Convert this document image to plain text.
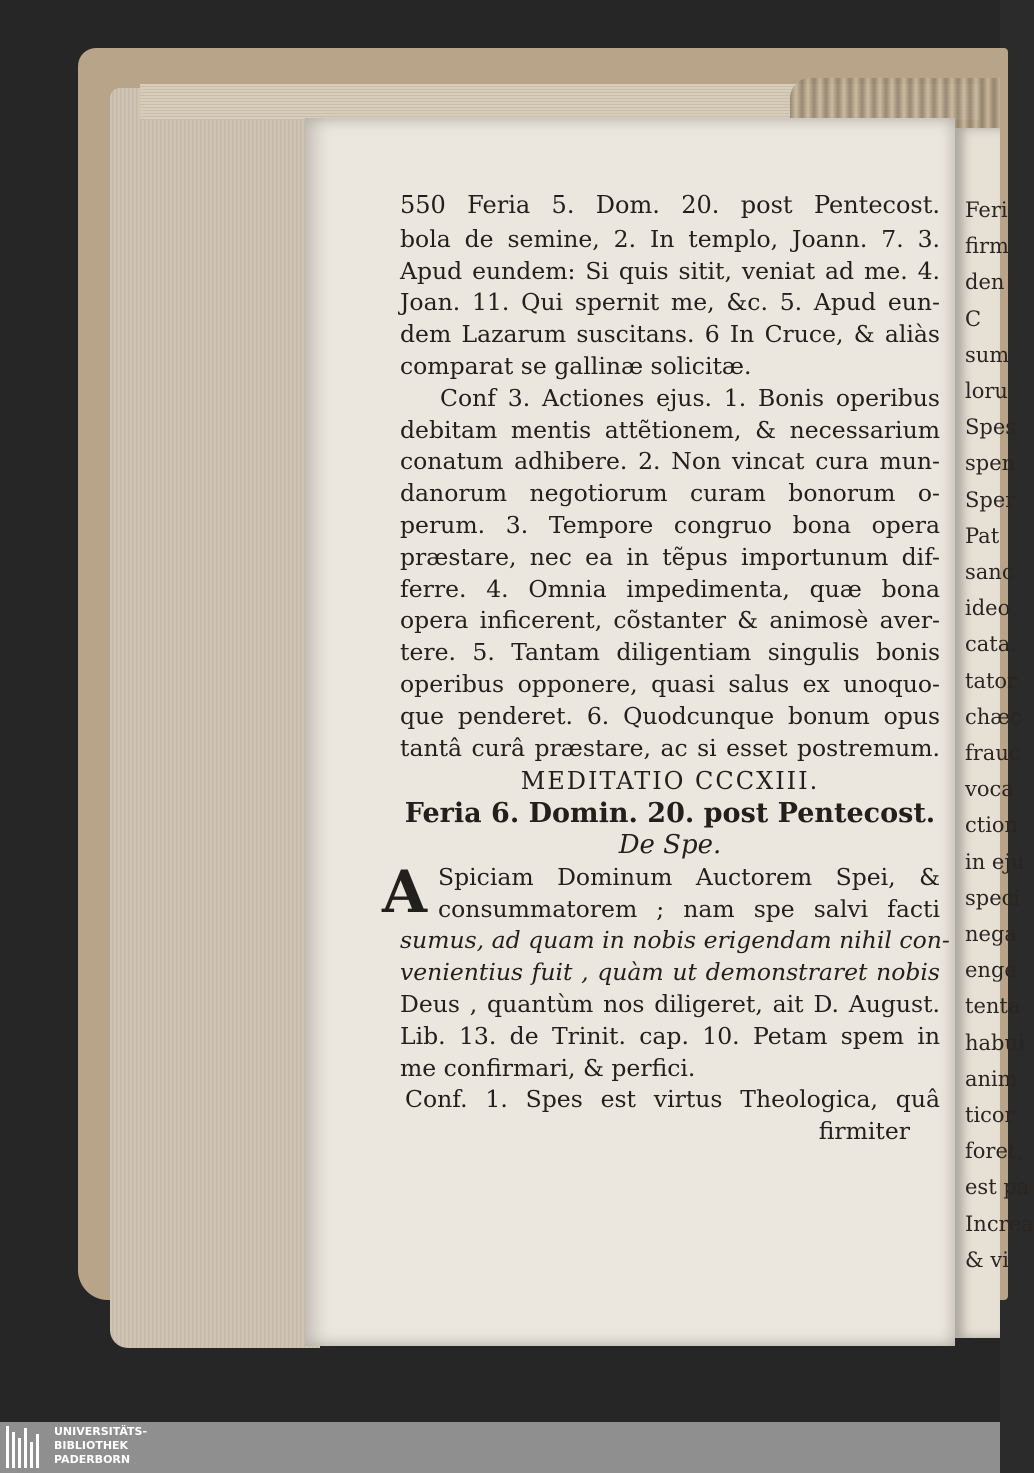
Feri
firm
den
C
sum
loru
Spes
spen
Sper
Pat
sanc
ideo
cata.
tator
chæc
frauc
voca
ction
in eju
speci
nega
enge
tenta
habui
anim
ticor
foret,
est pa
Increa
& vi
550 Feria 5. Dom. 20. post Pentecost.
bola de semine, 2. In templo, Joann. 7. 3.
Apud eundem: Si quis sitit, veniat ad me. 4.
Joan. 11. Qui spernit me, &c. 5. Apud eun-
dem Lazarum suscitans. 6 In Cruce, & aliàs
comparat se gallinæ solicitæ.
Conf 3. Actiones ejus. 1. Bonis operibus
debitam mentis attẽtionem, & necessarium
conatum adhibere. 2. Non vincat cura mun-
danorum negotiorum curam bonorum o-
perum. 3. Tempore congruo bona opera
præstare, nec ea in tẽpus importunum dif-
ferre. 4. Omnia impedimenta, quæ bona
opera inficerent, cõstanter & animosè aver-
tere. 5. Tantam diligentiam singulis bonis
operibus opponere, quasi salus ex unoquo-
que penderet. 6. Quodcunque bonum opus
tantâ curâ præstare, ac si esset postremum.
MEDITATIO CCCXIII.
Feria 6. Domin. 20. post Pentecost.
De Spe.
A Spiciam Dominum Auctorem Spei, &
consummatorem ; nam spe salvi facti
sumus, ad quam in nobis erigendam nihil con-
venientius fuit , quàm ut demonstraret nobis
Deus , quantùm nos diligeret, ait D. August.
Lib. 13. de Trinit. cap. 10. Petam spem in
me confirmari, & perfici.
Conf. 1. Spes est virtus Theologica, quâ
firmiter
UNIVERSITÄTS-
BIBLIOTHEK
PADERBORN
